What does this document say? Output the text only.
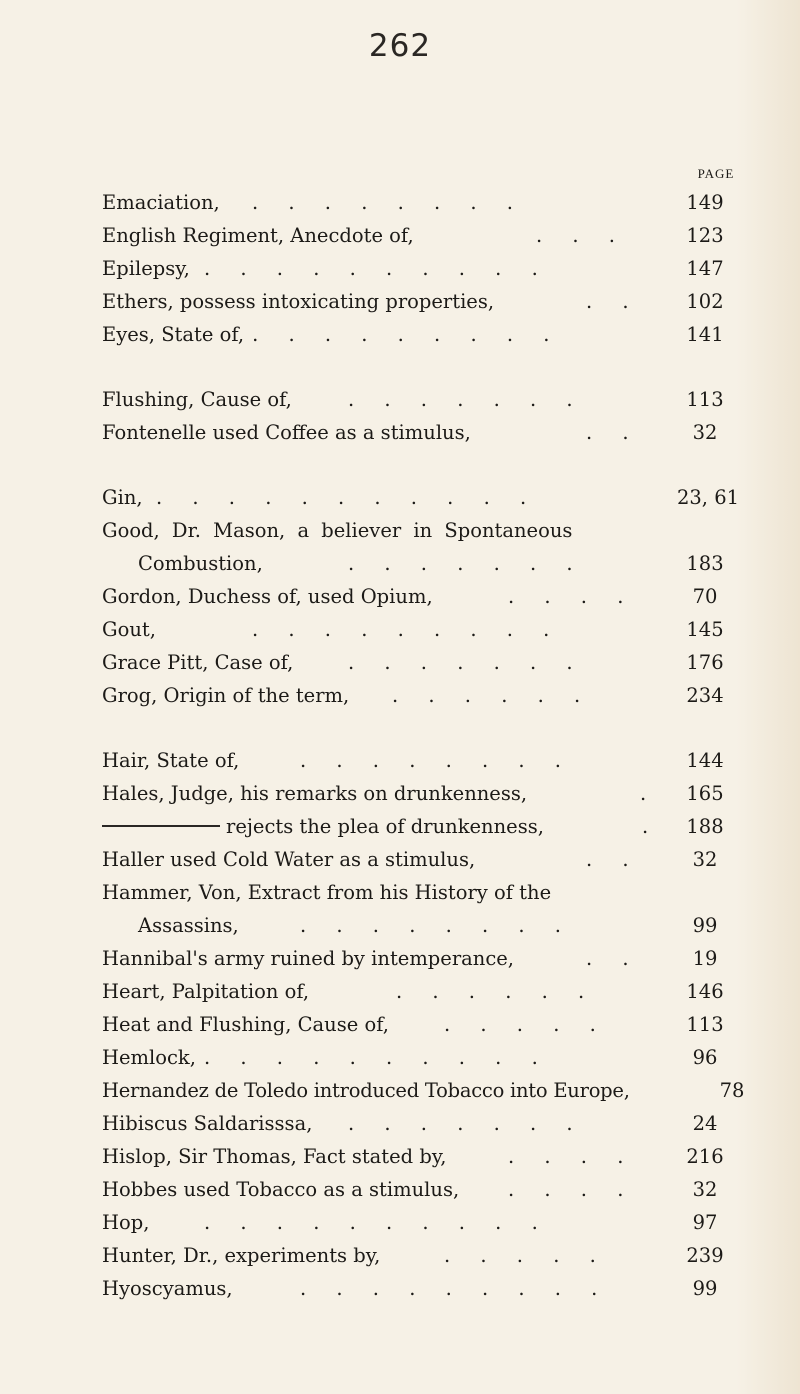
262
PAGE
Emaciation, . . . . . . . .	149
English Regiment, Anecdote of,	. . .	123
Epilepsy, . . . . . . . . . .	147
Ethers, possess intoxicating properties,	. .	102
Eyes, State of, . . . . . . . . .	141
Flushing, Cause of,	. . . . . . .	113
Fontenelle used Coffee as a stimulus,	. .	32
Gin, . . . . . . . . . . .	23, 61
Good, Dr. Mason, a believer in Spontaneous
Combustion,	. . . . . . .	183
Gordon, Duchess of, used Opium,	. . . .	70
Gout,	. . . . . . . . .	145
Grace Pitt, Case of,	. . . . . . .	176
Grog, Origin of the term, . . . . . .	234
Hair, State of,	. . . . . . . .	144
Hales, Judge, his remarks on drunkenness,	.	165
rejects the plea of drunkenness,	.	188
Haller used Cold Water as a stimulus,	. .	32
Hammer, Von, Extract from his History of the
Assassins,	. . . . . . . .	99
Hannibal's army ruined by intemperance,	. .	19
Heart, Palpitation of,	. . . . . .	146
Heat and Flushing, Cause of,	. . . . .	113
Hemlock, . . . . . . . . . .	96
Hernandez de Toledo introduced Tobacco into Europe,	78
Hibiscus Saldarisssa, . . . . . . .	24
Hislop, Sir Thomas, Fact stated by,	. . . .	216
Hobbes used Tobacco as a stimulus,	. . . .	32
Hop,	. . . . . . . . . .	97
Hunter, Dr., experiments by,	. . . . .	239
Hyoscyamus,	. . . . . . . . .	99
